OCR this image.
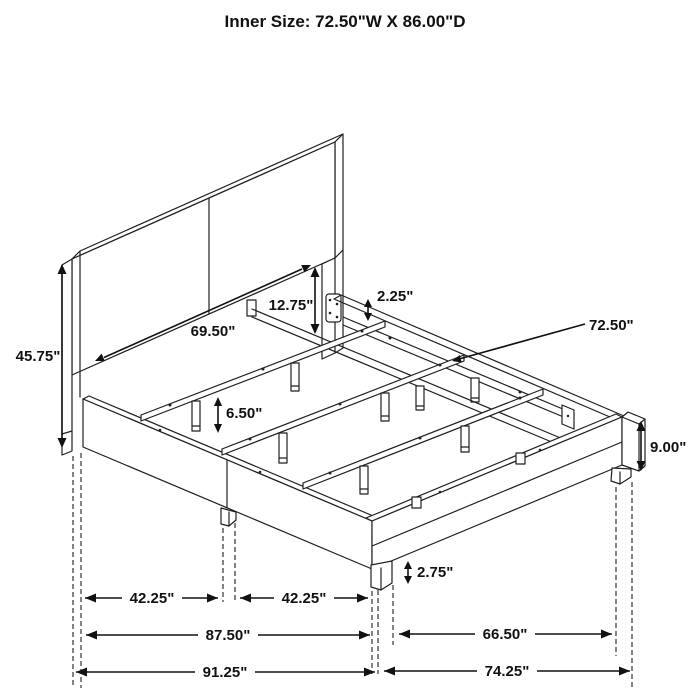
45.75"
69.50"
12.75"
2.25"
72.50"
6.50"
9.00"
2.75"
42.25"	42.25"
87.50"	66.50"
91.25"	74.25"
Inner Size: 72.50"W X 86.00"D
